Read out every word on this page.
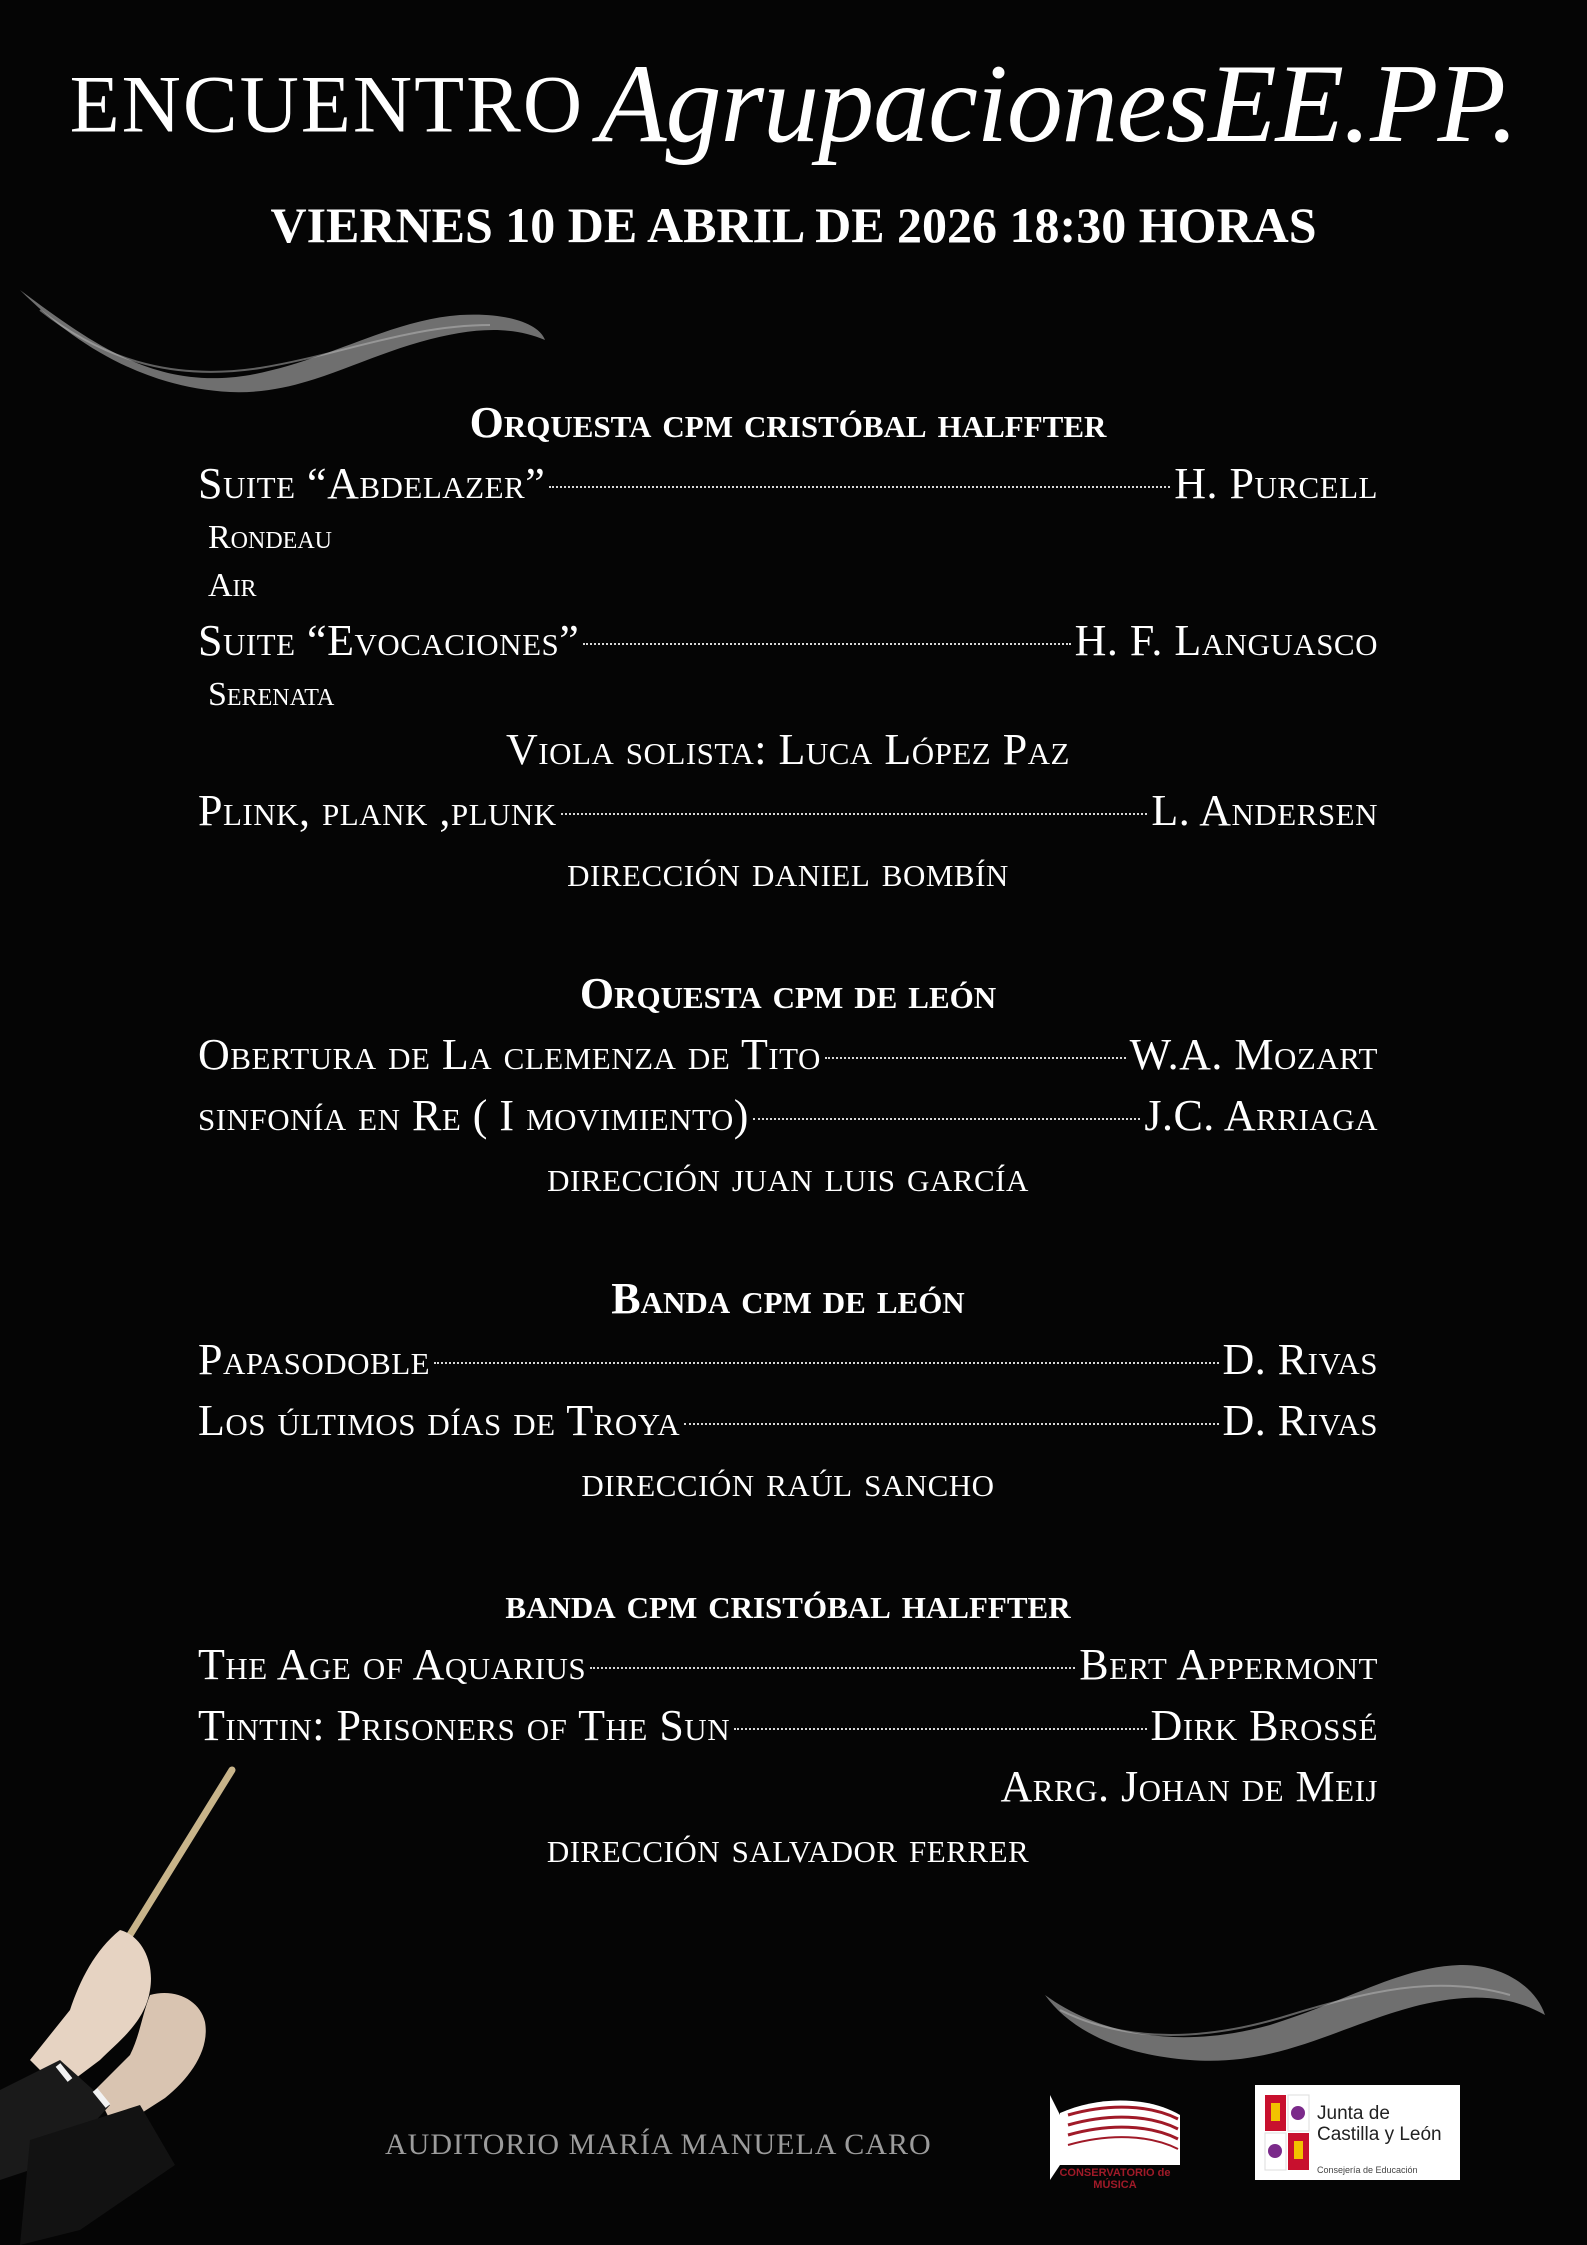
ENCUENTRO AgrupacionesEE.PP.
VIERNES 10 DE ABRIL DE 2026 18:30 HORAS
Orquesta cpm cristóbal halffter
Suite “Abdelazer”	H. Purcell
Rondeau
Air
Suite “Evocaciones”	H. F. Languasco
Serenata
Viola solista: Luca López Paz
Plink, plank ,plunk	L. Andersen
dirección daniel bombín
Orquesta cpm de león
Obertura de La clemenza de Tito	W.A. Mozart
sinfonía en Re ( I movimiento)	J.C. Arriaga
dirección juan luis garcía
Banda cpm de león
Papasodoble	D. Rivas
Los últimos días de Troya	D. Rivas
dirección raúl sancho
banda cpm cristóbal halffter
The Age of Aquarius	Bert Appermont
Tintin: Prisoners of The Sun	Dirk Brossé
Arrg. Johan de Meij
dirección salvador ferrer
AUDITORIO MARÍA MANUELA CARO
CONSERVATORIO de MÚSICA
Junta de Castilla y León
Consejería de Educación
